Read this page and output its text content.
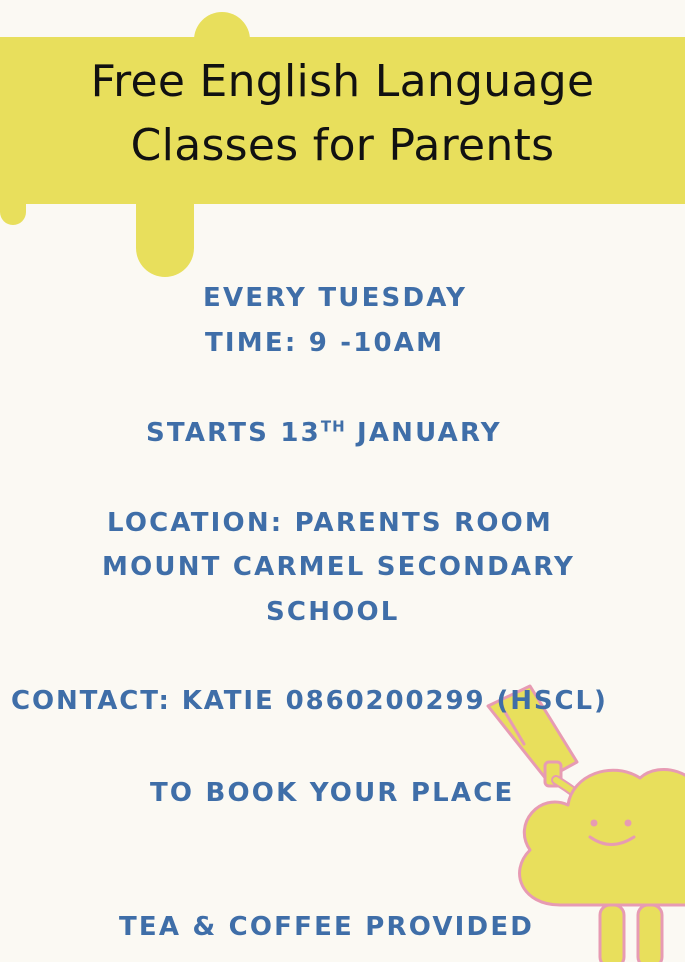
Free English Language
Classes for Parents
EVERY TUESDAY
TIME: 9 -10AM
STARTS 13TH JANUARY
LOCATION: PARENTS ROOM
MOUNT CARMEL SECONDARY
SCHOOL
CONTACT: KATIE 0860200299 (HSCL)
TO BOOK YOUR PLACE
TEA & COFFEE PROVIDED
